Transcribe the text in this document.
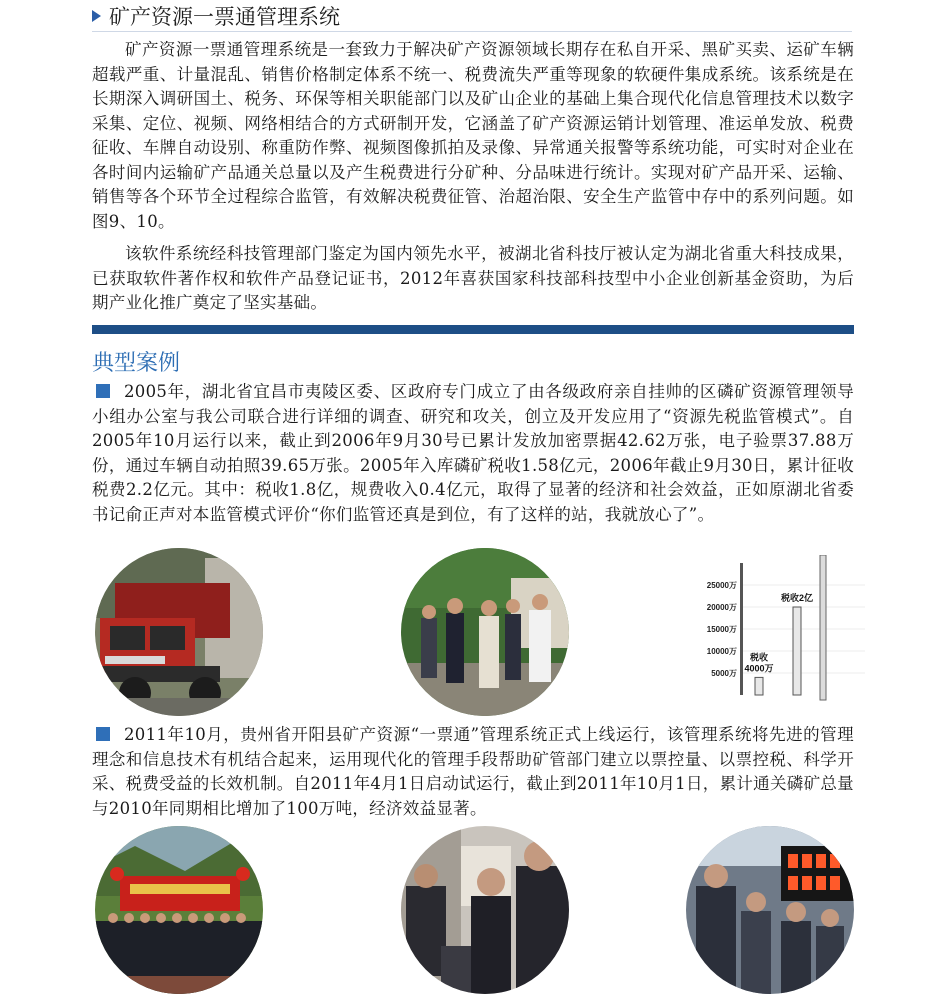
矿产资源一票通管理系统

矿产资源一票通管理系统是一套致力于解决矿产资源领域长期存在私自开采、黑矿买卖、运矿车辆超载严重、计量混乱、销售价格制定体系不统一、税费流失严重等现象的软硬件集成系统。该系统是在长期深入调研国土、税务、环保等相关职能部门以及矿山企业的基础上集合现代化信息管理技术以数字采集、定位、视频、网络相结合的方式研制开发，它涵盖了矿产资源运销计划管理、准运单发放、税费征收、车牌自动设别、称重防作弊、视频图像抓拍及录像、异常通关报警等系统功能，可实时对企业在各时间内运输矿产品通关总量以及产生税费进行分矿种、分品味进行统计。实现对矿产品开采、运输、销售等各个环节全过程综合监管，有效解决税费征管、治超治限、安全生产监管中存中的系列问题。如图9、10。

该软件系统经科技管理部门鉴定为国内领先水平，被湖北省科技厅被认定为湖北省重大科技成果，已获取软件著作权和软件产品登记证书，2012年喜获国家科技部科技型中小企业创新基金资助，为后期产业化推广奠定了坚实基础。

典型案例

2005年，湖北省宜昌市夷陵区委、区政府专门成立了由各级政府亲自挂帅的区磷矿资源管理领导小组办公室与我公司联合进行详细的调查、研究和攻关，创立及开发应用了“资源先税监管模式”。自2005年10月运行以来，截止到2006年9月30号已累计发放加密票据42.62万张，电子验票37.88万份，通过车辆自动拍照39.65万张。2005年入库磷矿税收1.58亿元，2006年截止9月30日，累计征收税费2.2亿元。其中：税收1.8亿，规费收入0.4亿元，取得了显著的经济和社会效益，正如原湖北省委书记俞正声对本监管模式评价“你们监管还真是到位，有了这样的站，我就放心了”。

25000万
20000万
15000万
10000万
5000万
税收
4000万
税收2亿

2011年10月，贵州省开阳县矿产资源“一票通”管理系统正式上线运行，该管理系统将先进的管理理念和信息技术有机结合起来，运用现代化的管理手段帮助矿管部门建立以票控量、以票控税、科学开采、税费受益的长效机制。自2011年4月1日启动试运行，截止到2011年10月1日，累计通关磷矿总量与2010年同期相比增加了100万吨，经济效益显著。
